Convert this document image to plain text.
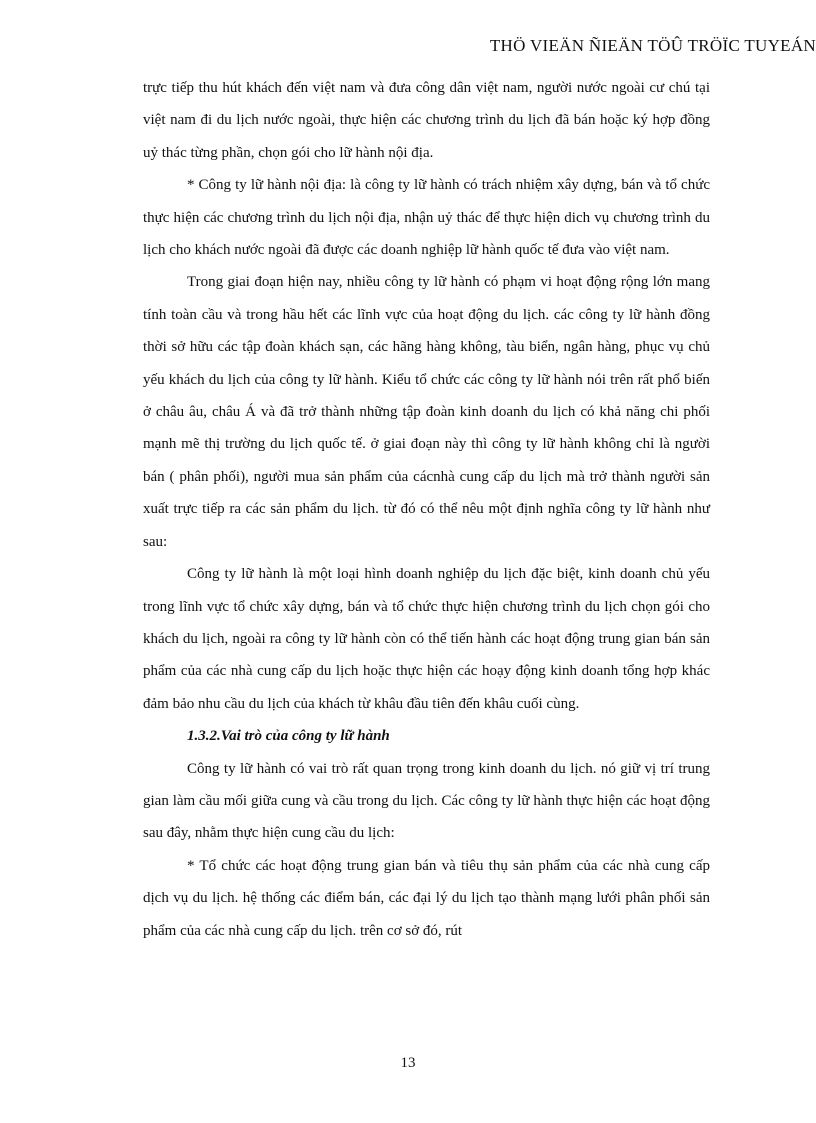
THÖ VIEÄN ÑIEÄN TÖÛ TRÖÏC TUYEÁN

trực tiếp thu hút khách đến việt nam và đưa công dân việt nam, người nước ngoài cư chú tại việt nam đi du lịch nước ngoài, thực hiện các chương trình du lịch đã bán hoặc ký hợp đồng uỷ thác từng phần, chọn gói cho lữ hành nội địa.

* Công ty lữ hành nội địa: là công ty lữ hành có trách nhiệm xây dựng, bán và tổ chức thực hiện các chương trình du lịch nội địa, nhận uỷ thác để thực hiện dich vụ chương trình du lịch cho khách nước ngoài đã được các doanh nghiệp lữ hành quốc tế đưa vào việt nam.

Trong giai đoạn hiện nay, nhiều công ty lữ hành có phạm vi hoạt động rộng lớn mang tính toàn cầu và trong hầu hết các lĩnh vực của hoạt động du lịch. các công ty lữ hành đồng thời sở hữu các tập đoàn khách sạn, các hãng hàng không, tàu biển, ngân hàng, phục vụ chủ yếu khách du lịch của công ty lữ hành. Kiểu tổ chức các công ty lữ hành nói trên rất phổ biến ở châu âu, châu Á và đã trở thành những tập đoàn kinh doanh du lịch có khả năng chi phối mạnh mẽ thị trường du lịch quốc tế. ở giai đoạn này thì công ty lữ hành không chỉ là người bán ( phân phối), người mua sản phẩm của cácnhà cung cấp du lịch mà trở thành người sản xuất trực tiếp ra các sản phẩm du lịch. từ đó có thể nêu một định nghĩa công ty lữ hành như sau:

Công ty lữ hành là một loại hình doanh nghiệp du lịch đặc biệt, kinh doanh chủ yếu trong lĩnh vực tổ chức xây dựng, bán và tổ chức thực hiện chương trình du lịch chọn gói cho khách du lịch, ngoài ra công ty lữ hành còn có thể tiến hành các hoạt động trung gian bán sản phẩm của các nhà cung cấp du lịch hoặc thực hiện các hoạy động kinh doanh tổng hợp khác đảm bảo nhu cầu du lịch của khách từ khâu đầu tiên đến khâu cuối cùng.

1.3.2.Vai trò của công ty lữ hành

Công ty lữ hành có vai trò rất quan trọng trong kinh doanh du lịch. nó giữ vị trí trung gian làm cầu mối giữa cung và cầu trong du lịch. Các công ty lữ hành thực hiện các hoạt động sau đây, nhằm thực hiện cung cầu du lịch:

* Tổ chức các hoạt động trung gian bán và tiêu thụ sản phẩm của các nhà cung cấp dịch vụ du lịch. hệ thống các điểm bán, các đại lý du lịch tạo thành mạng lưới phân phối sản phẩm của các nhà cung cấp du lịch. trên cơ sở đó, rút

13
